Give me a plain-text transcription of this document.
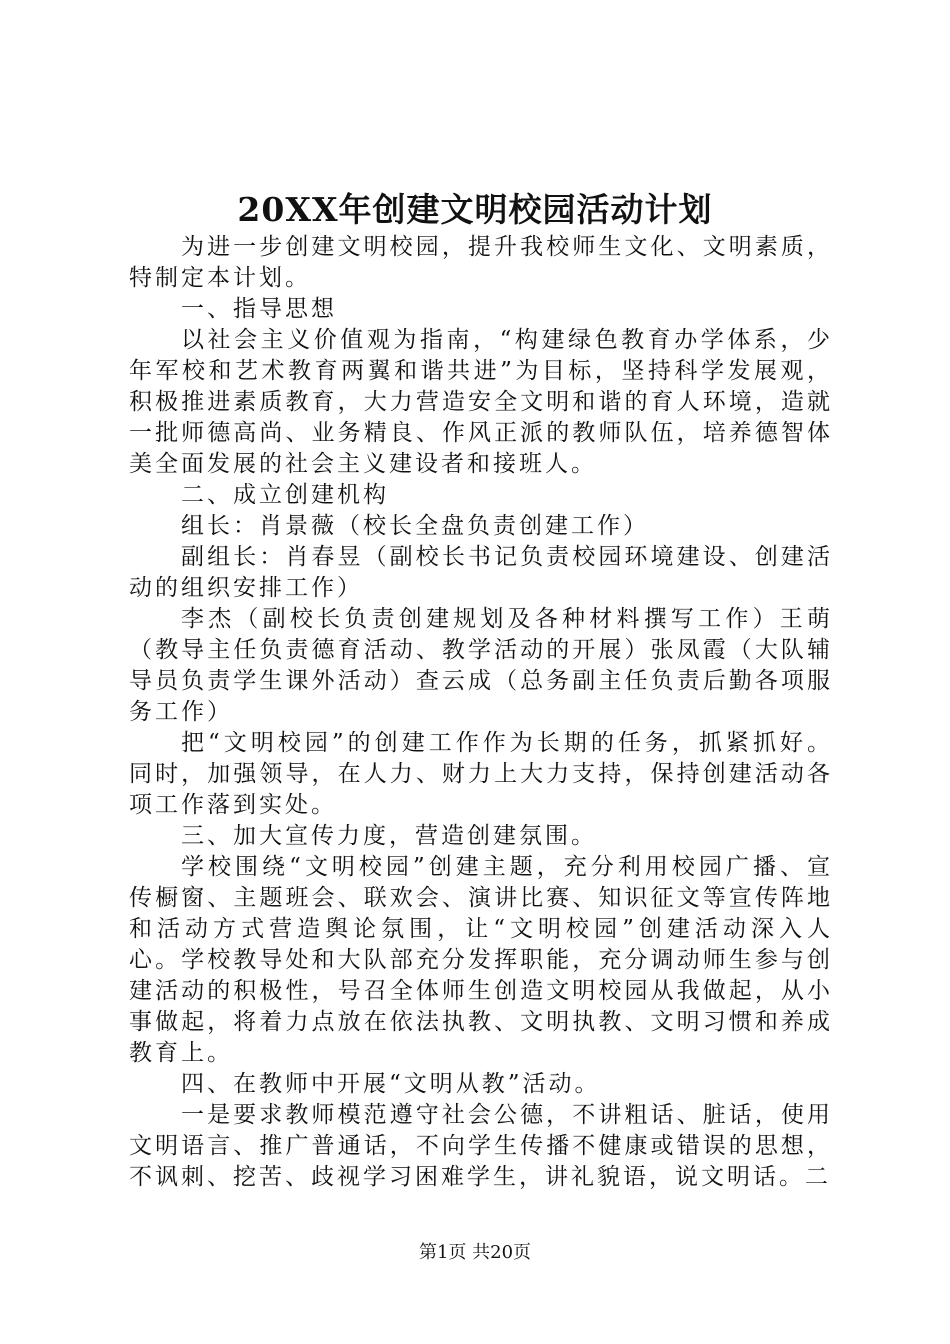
20XX年创建文明校园活动计划

为进一步创建文明校园，提升我校师生文化、文明素质，特制定本计划。

一、指导思想

以社会主义价值观为指南，“构建绿色教育办学体系，少年军校和艺术教育两翼和谐共进”为目标，坚持科学发展观，积极推进素质教育，大力营造安全文明和谐的育人环境，造就一批师德高尚、业务精良、作风正派的教师队伍，培养德智体美全面发展的社会主义建设者和接班人。

二、成立创建机构

组长：肖景薇（校长全盘负责创建工作）

副组长：肖春昱（副校长书记负责校园环境建设、创建活动的组织安排工作）

李杰（副校长负责创建规划及各种材料撰写工作）王萌（教导主任负责德育活动、教学活动的开展）张凤霞（大队辅导员负责学生课外活动）查云成（总务副主任负责后勤各项服务工作）

把“文明校园”的创建工作作为长期的任务，抓紧抓好。同时，加强领导，在人力、财力上大力支持，保持创建活动各项工作落到实处。

三、加大宣传力度，营造创建氛围。

学校围绕“文明校园”创建主题，充分利用校园广播、宣传橱窗、主题班会、联欢会、演讲比赛、知识征文等宣传阵地和活动方式营造舆论氛围，让“文明校园”创建活动深入人心。学校教导处和大队部充分发挥职能，充分调动师生参与创建活动的积极性，号召全体师生创造文明校园从我做起，从小事做起，将着力点放在依法执教、文明执教、文明习惯和养成教育上。

四、在教师中开展“文明从教”活动。

一是要求教师模范遵守社会公德，不讲粗话、脏话，使用文明语言、推广普通话，不向学生传播不健康或错误的思想，不讽刺、挖苦、歧视学习困难学生，讲礼貌语，说文明话。二

第1页 共20页
